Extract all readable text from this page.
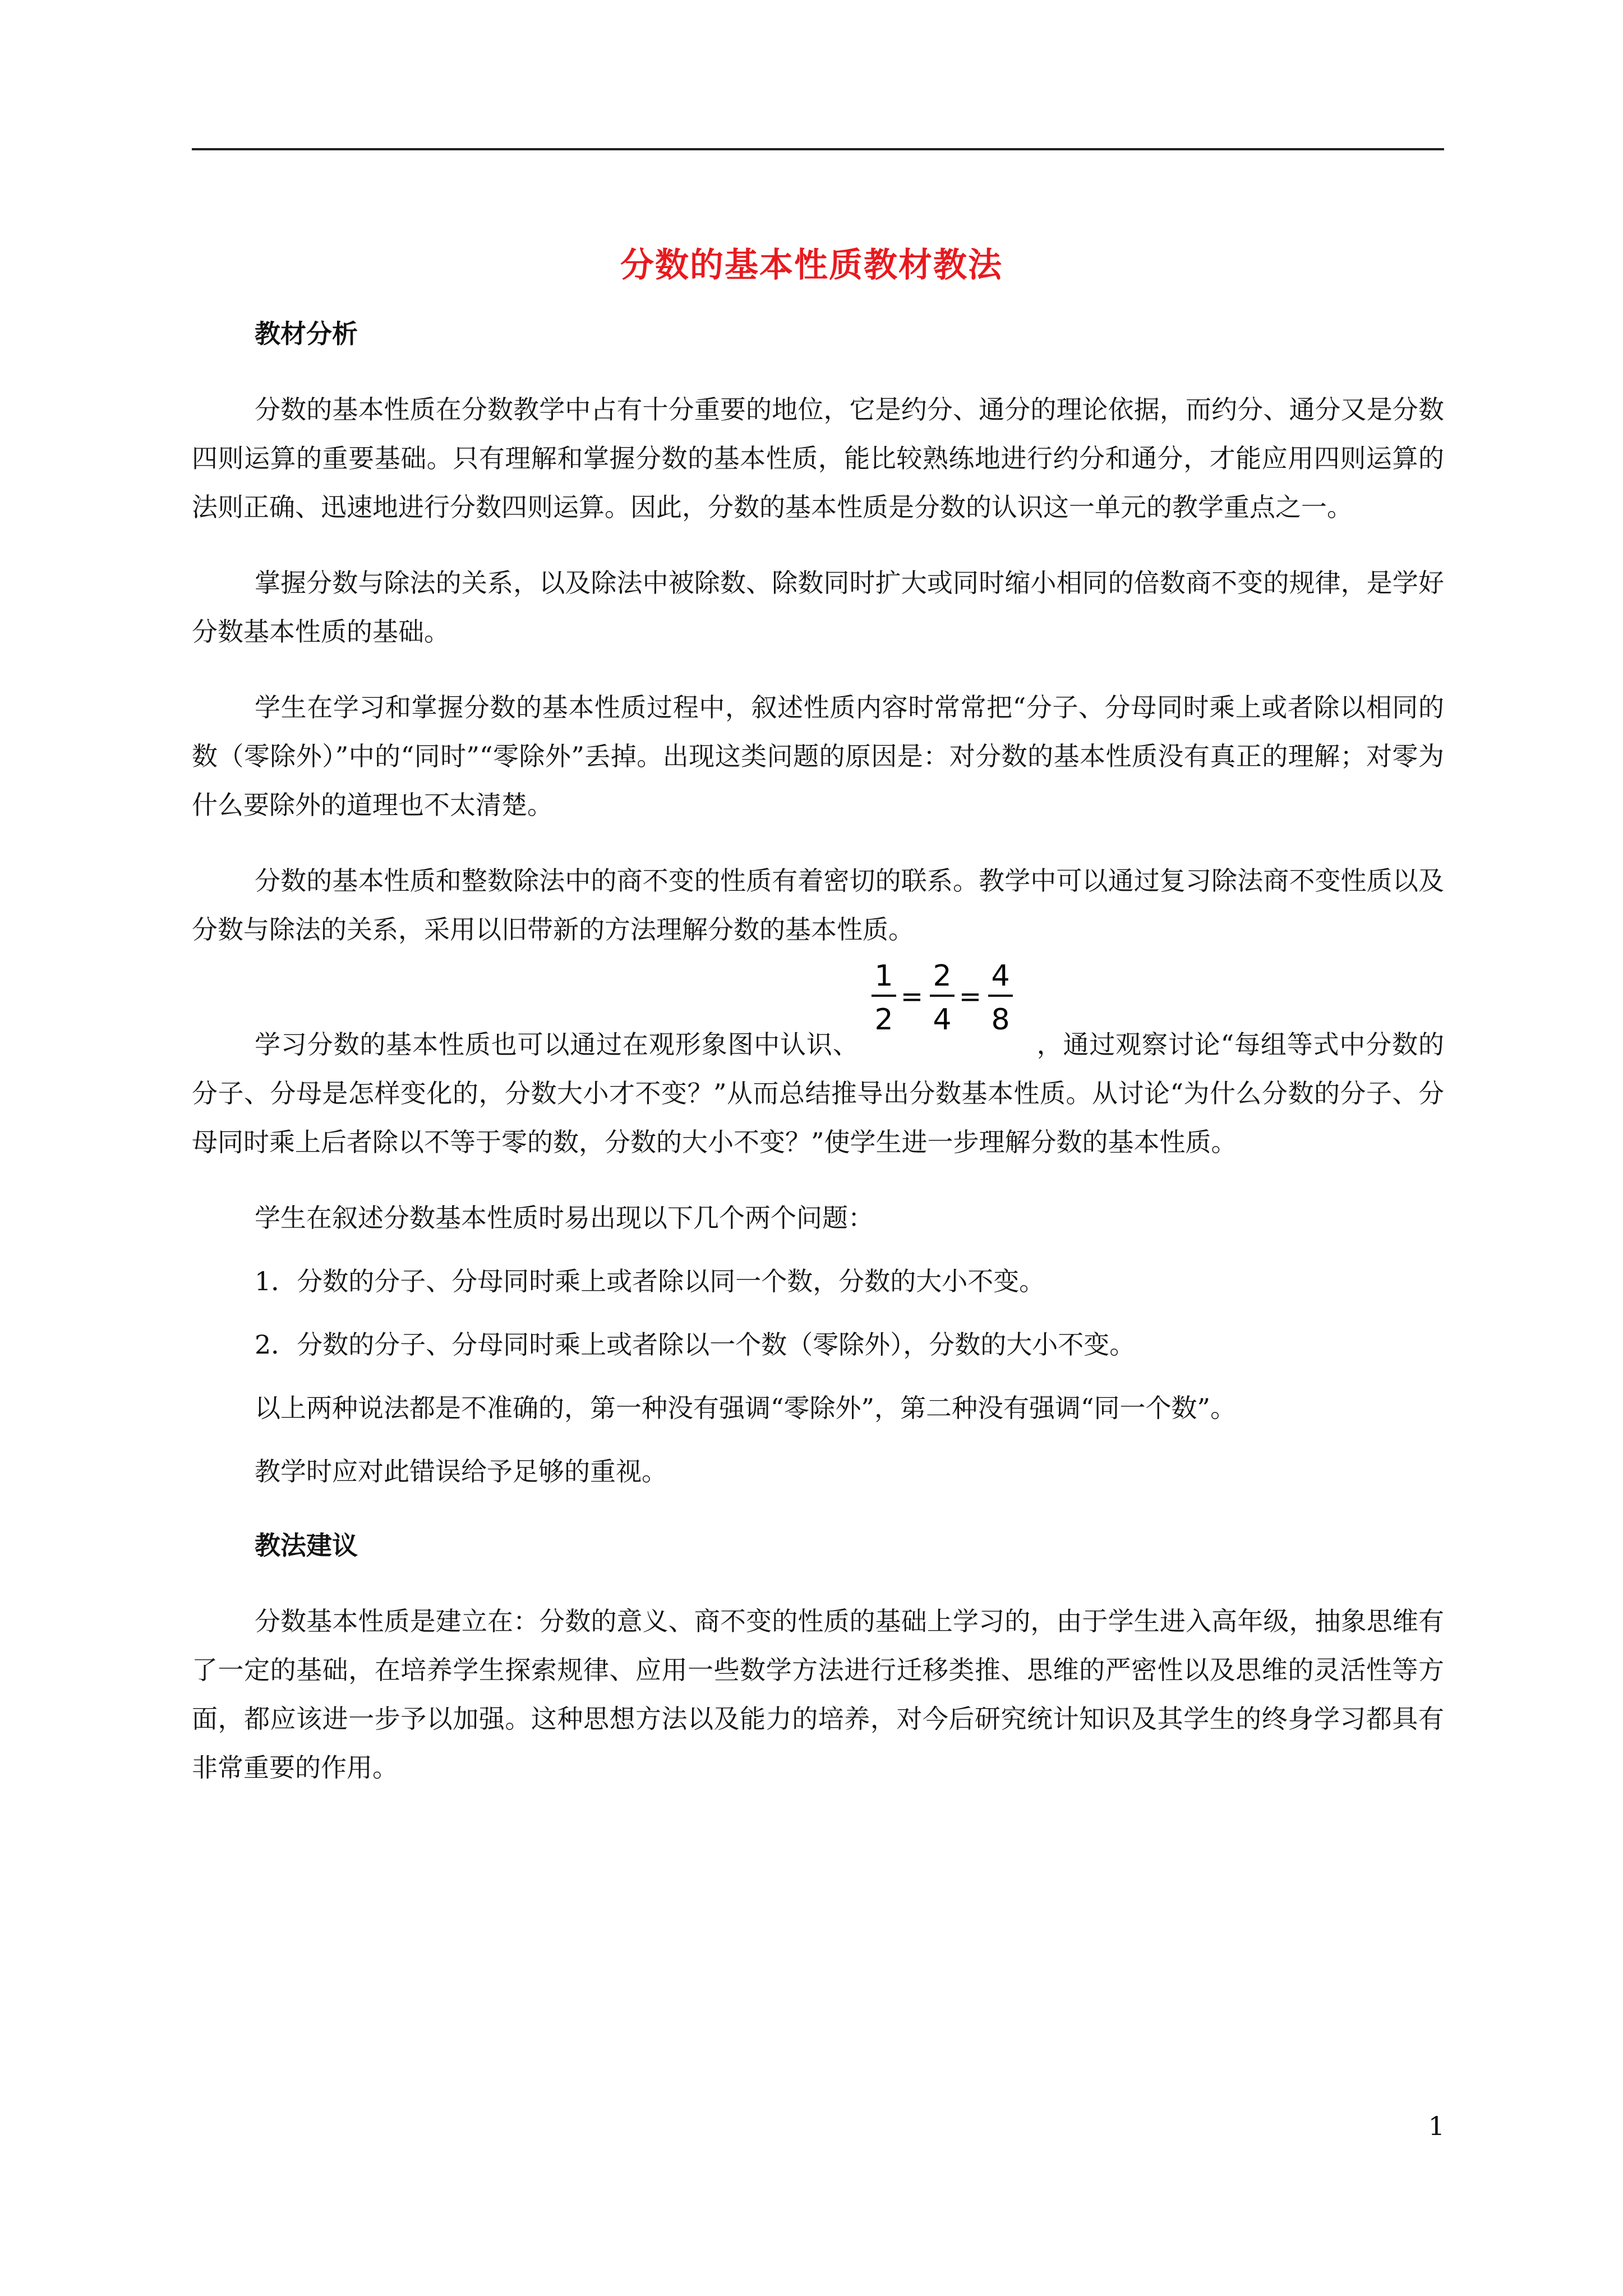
分数的基本性质教材教法
教材分析

分数的基本性质在分数教学中占有十分重要的地位，它是约分、通分的理论依据，而约分、通分又是分数四则运算的重要基础。只有理解和掌握分数的基本性质，能比较熟练地进行约分和通分，才能应用四则运算的法则正确、迅速地进行分数四则运算。因此，分数的基本性质是分数的认识这一单元的教学重点之一。

掌握分数与除法的关系，以及除法中被除数、除数同时扩大或同时缩小相同的倍数商不变的规律，是学好分数基本性质的基础。

学生在学习和掌握分数的基本性质过程中，叙述性质内容时常常把“分子、分母同时乘上或者除以相同的数（零除外）”中的“同时”“零除外”丢掉。出现这类问题的原因是：对分数的基本性质没有真正的理解；对零为什么要除外的道理也不太清楚。

分数的基本性质和整数除法中的商不变的性质有着密切的联系。教学中可以通过复习除法商不变性质以及分数与除法的关系，采用以旧带新的方法理解分数的基本性质。

学习分数的基本性质也可以通过在观形象图中认识、
1
2
=
2
4
=
4
8
，通过观察讨论“每组等式中分数的分子、分母是怎样变化的，分数大小才不变？”从而总结推导出分数基本性质。从讨论“为什么分数的分子、分母同时乘上后者除以不等于零的数，分数的大小不变？”使学生进一步理解分数的基本性质。

学生在叙述分数基本性质时易出现以下几个两个问题：

1．分数的分子、分母同时乘上或者除以同一个数，分数的大小不变。

2．分数的分子、分母同时乘上或者除以一个数（零除外），分数的大小不变。

以上两种说法都是不准确的，第一种没有强调“零除外”，第二种没有强调“同一个数”。

教学时应对此错误给予足够的重视。

教法建议

分数基本性质是建立在：分数的意义、商不变的性质的基础上学习的，由于学生进入高年级，抽象思维有了一定的基础，在培养学生探索规律、应用一些数学方法进行迁移类推、思维的严密性以及思维的灵活性等方面，都应该进一步予以加强。这种思想方法以及能力的培养，对今后研究统计知识及其学生的终身学习都具有非常重要的作用。

1
